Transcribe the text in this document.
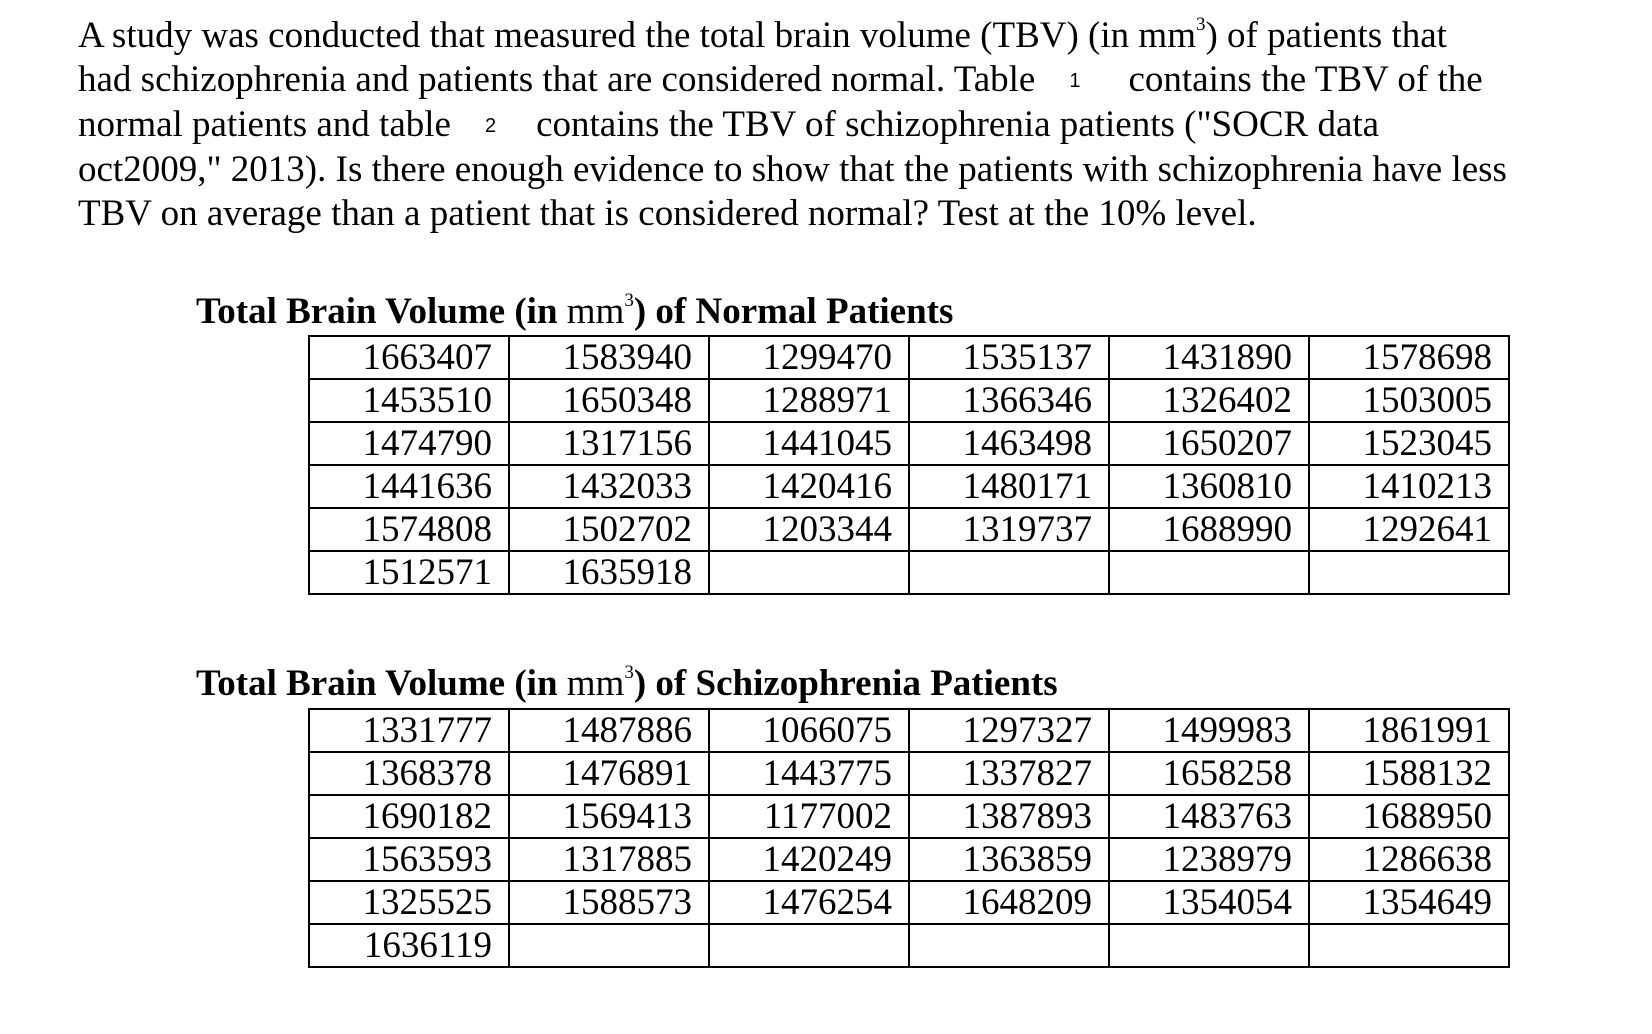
A study was conducted that measured the total brain volume (TBV) (in $mm^3$) of patients that
had schizophrenia and patients that are considered normal. Table 1 contains the TBV of the
normal patients and table 2 contains the TBV of schizophrenia patients ("SOCR data
oct2009," 2013). Is there enough evidence to show that the patients with schizophrenia have less
TBV on average than a patient that is considered normal? Test at the 10% level.
Total Brain Volume (in $mm^3$) of Normal Patients
1663407	1583940	1299470	1535137	1431890	1578698
1453510	1650348	1288971	1366346	1326402	1503005
1474790	1317156	1441045	1463498	1650207	1523045
1441636	1432033	1420416	1480171	1360810	1410213
1574808	1502702	1203344	1319737	1688990	1292641
1512571	1635918				
Total Brain Volume (in $mm^3$) of Schizophrenia Patients
1331777	1487886	1066075	1297327	1499983	1861991
1368378	1476891	1443775	1337827	1658258	1588132
1690182	1569413	1177002	1387893	1483763	1688950
1563593	1317885	1420249	1363859	1238979	1286638
1325525	1588573	1476254	1648209	1354054	1354649
1636119					
